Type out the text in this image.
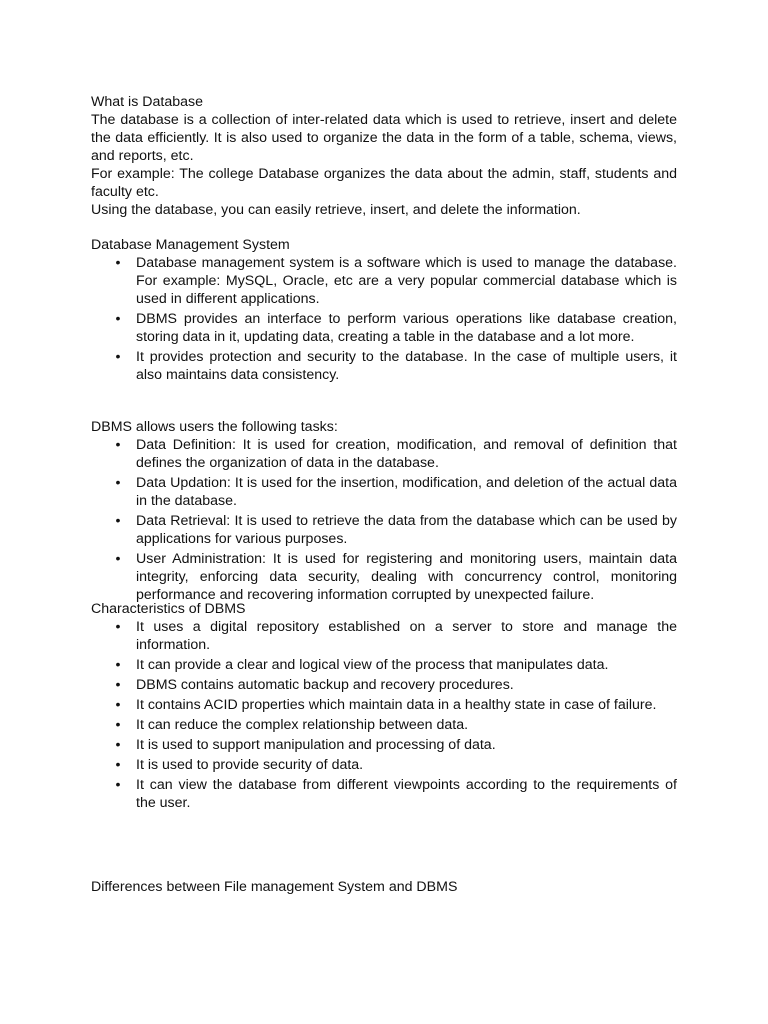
What is Database

The database is a collection of inter-related data which is used to retrieve, insert and delete the data efficiently. It is also used to organize the data in the form of a table, schema, views, and reports, etc.

For example: The college Database organizes the data about the admin, staff, students and faculty etc.

Using the database, you can easily retrieve, insert, and delete the information.

Database Management System

• Database management system is a software which is used to manage the database. For example: MySQL, Oracle, etc are a very popular commercial database which is used in different applications.
• DBMS provides an interface to perform various operations like database creation, storing data in it, updating data, creating a table in the database and a lot more.
• It provides protection and security to the database. In the case of multiple users, it also maintains data consistency.

DBMS allows users the following tasks:

• Data Definition: It is used for creation, modification, and removal of definition that defines the organization of data in the database.
• Data Updation: It is used for the insertion, modification, and deletion of the actual data in the database.
• Data Retrieval: It is used to retrieve the data from the database which can be used by applications for various purposes.
• User Administration: It is used for registering and monitoring users, maintain data integrity, enforcing data security, dealing with concurrency control, monitoring performance and recovering information corrupted by unexpected failure.

Characteristics of DBMS

• It uses a digital repository established on a server to store and manage the information.
• It can provide a clear and logical view of the process that manipulates data.
• DBMS contains automatic backup and recovery procedures.
• It contains ACID properties which maintain data in a healthy state in case of failure.
• It can reduce the complex relationship between data.
• It is used to support manipulation and processing of data.
• It is used to provide security of data.
• It can view the database from different viewpoints according to the requirements of the user.

Differences between File management System and DBMS
